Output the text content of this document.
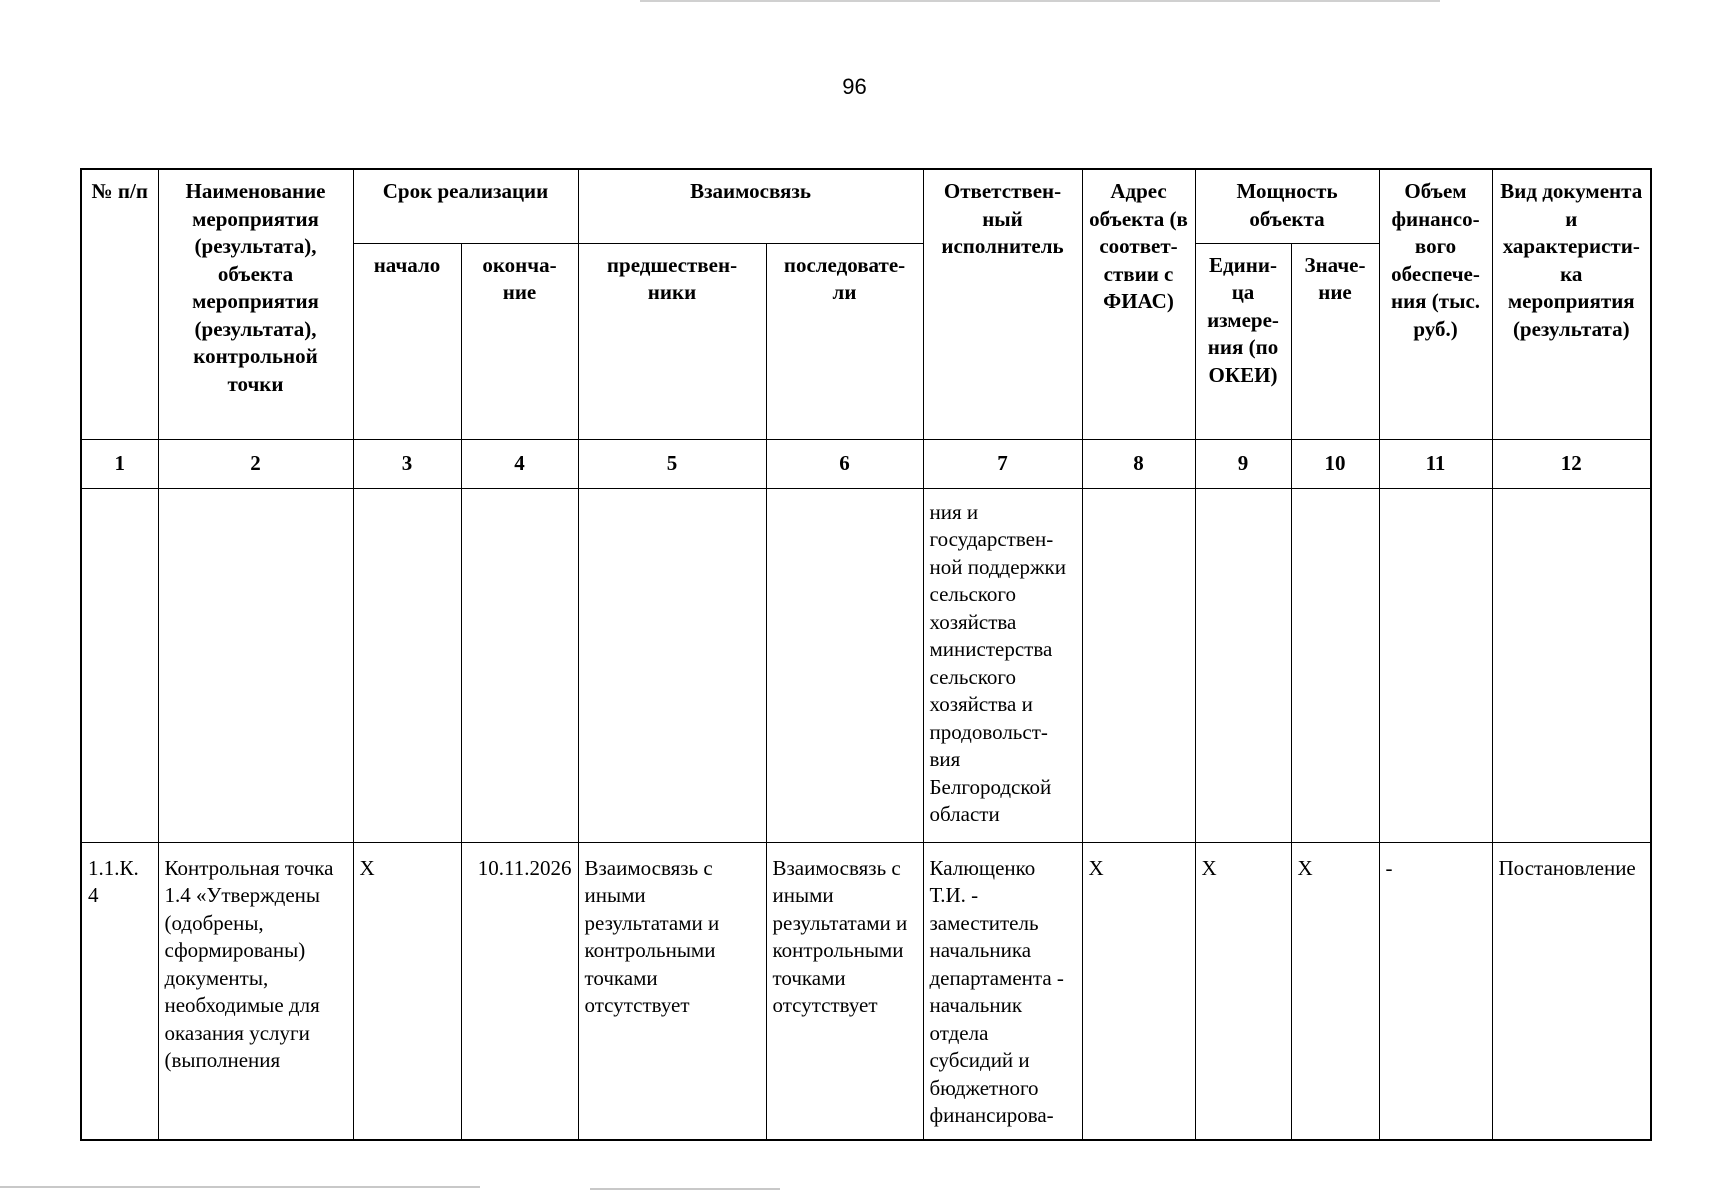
96
№ п/п	Наименование мероприятия (результата), объекта мероприятия (результата), контрольной точки	Срок реализации		Взаимосвязь		Ответствен-ный исполнитель	Адрес объекта (в соответ-ствии с ФИАС)	Мощность объекта		Объем финансо-вого обеспече-ния (тыс. руб.)	Вид документа и характеристи-ка мероприятия (результата)
		начало	оконча-ние	предшествен-ники	последовате-ли			Едини-ца измере-ния (по ОКЕИ)	Значе-ние		
1	2	3	4	5	6	7	8	9	10	11	12
						ния и государствен-ной поддержки сельского хозяйства министерства сельского хозяйства и продовольст-вия Белгородской области					
1.1.К. 4	Контрольная точка 1.4 «Утверждены (одобрены, сформированы) документы, необходимые для оказания услуги (выполнения	Х	10.11.2026	Взаимосвязь с иными результатами и контрольными точками отсутствует	Взаимосвязь с иными результатами и контрольными точками отсутствует	Калющенко Т.И. - заместитель начальника департамента - начальник отдела субсидий и бюджетного финансирова-	Х	Х	Х	-	Постановление
